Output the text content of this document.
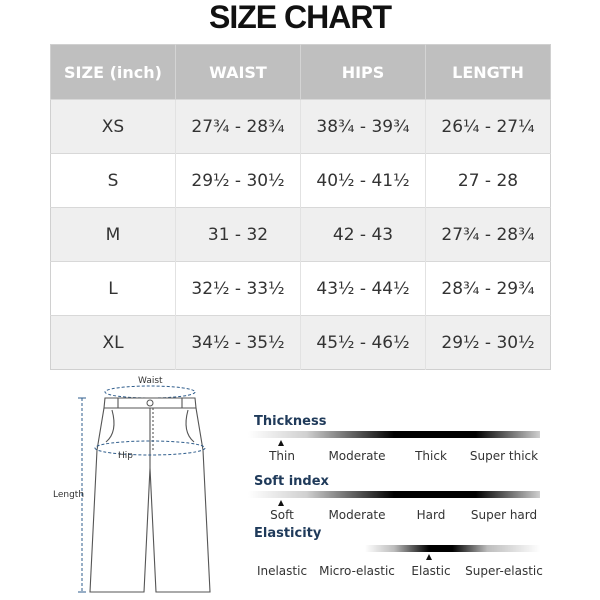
SIZE CHART
SIZE (inch)	WAIST	HIPS	LENGTH
XS	27¾ - 28¾	38¾ - 39¾	26¼ - 27¼
S	29½ - 30½	40½ - 41½	27 - 28
M	31 - 32	42 - 43	27¾ - 28¾
L	32½ - 33½	43½ - 44½	28¾ - 29¾
XL	34½ - 35½	45½ - 46½	29½ - 30½
Waist
Hip
Length
Thickness
Thin	Moderate	Thick	Super thick
Soft index
Soft	Moderate	Hard	Super hard
Elasticity
Inelastic	Micro-elastic	Elastic	Super-elastic
